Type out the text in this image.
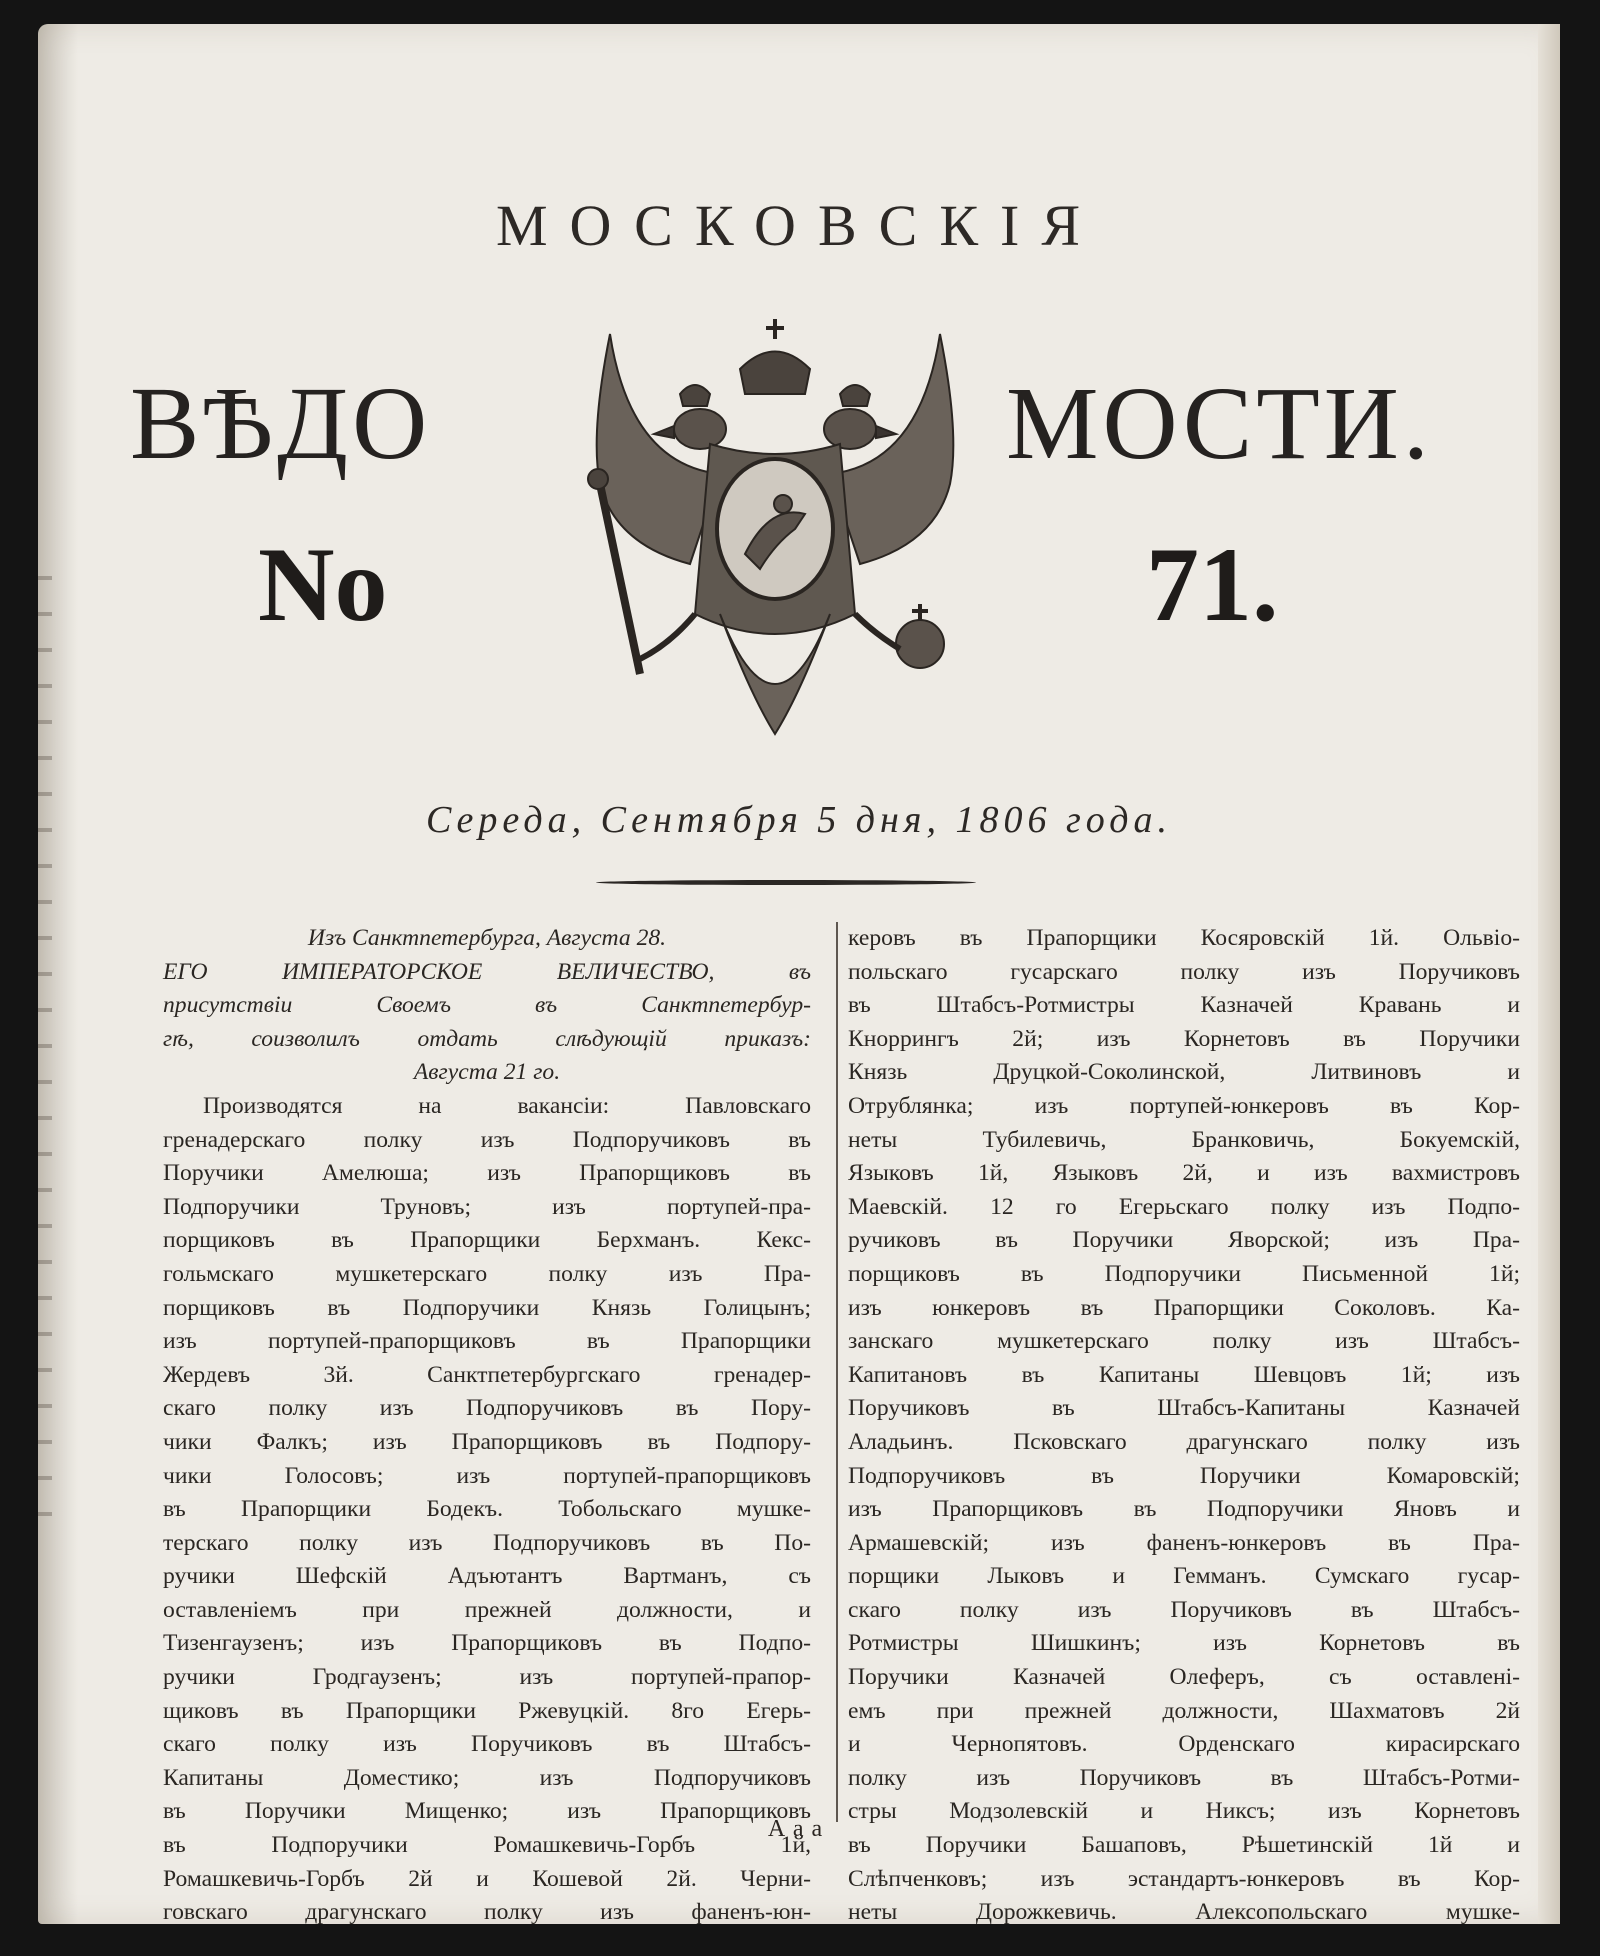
МОСКОВСКІЯ
ВѢДО	МОСТИ.
No	71.
Середа, Сентября 5 дня, 1806 года.
Изъ Санктпетербурга, Августа 28.
ЕГО ИМПЕРАТОРСКОЕ ВЕЛИЧЕСТВО, въ
присутствіи Своемъ въ Санктпетербур-
гѣ, соизволилъ отдать слѣдующій приказъ:
Августа 21 го.
Производятся на вакансіи: Павловскаго
гренадерскаго полку изъ Подпоручиковъ въ
Поручики Амелюша; изъ Прапорщиковъ въ
Подпоручики Труновъ; изъ портупей-пра-
порщиковъ въ Прапорщики Берхманъ. Кекс-
гольмскаго мушкетерскаго полку изъ Пра-
порщиковъ въ Подпоручики Князь Голицынъ;
изъ портупей-прапорщиковъ въ Прапорщики
Жердевъ 3й. Санктпетербургскаго гренадер-
скаго полку изъ Подпоручиковъ въ Пору-
чики Фалкъ; изъ Прапорщиковъ въ Подпору-
чики Голосовъ; изъ портупей-прапорщиковъ
въ Прапорщики Бодекъ. Тобольскаго мушке-
терскаго полку изъ Подпоручиковъ въ По-
ручики Шефскій Адъютантъ Вартманъ, съ
оставленіемъ при прежней должности, и
Тизенгаузенъ; изъ Прапорщиковъ въ Подпо-
ручики Гродгаузенъ; изъ портупей-прапор-
щиковъ въ Прапорщики Ржевуцкій. 8го Егерь-
скаго полку изъ Поручиковъ въ Штабсъ-
Капитаны Доместико; изъ Подпоручиковъ
въ Поручики Мищенко; изъ Прапорщиковъ
въ Подпоручики Ромашкевичь-Горбъ 1й,
Ромашкевичь-Горбъ 2й и Кошевой 2й. Черни-
говскаго драгунскаго полку изъ фаненъ-юн-
керовъ въ Прапорщики Косяровскій 1й. Ольвіо-
польскаго гусарскаго полку изъ Поручиковъ
въ Штабсъ-Ротмистры Казначей Кравань и
Кноррингъ 2й; изъ Корнетовъ въ Поручики
Князь Друцкой-Соколинской, Литвиновъ и
Отрублянка; изъ портупей-юнкеровъ въ Кор-
неты Тубилевичь, Бранковичь, Бокуемскій,
Языковъ 1й, Языковъ 2й, и изъ вахмистровъ
Маевскій. 12 го Егерьскаго полку изъ Подпо-
ручиковъ въ Поручики Яворской; изъ Пра-
порщиковъ въ Подпоручики Письменной 1й;
изъ юнкеровъ въ Прапорщики Соколовъ. Ка-
занскаго мушкетерскаго полку изъ Штабсъ-
Капитановъ въ Капитаны Шевцовъ 1й; изъ
Поручиковъ въ Штабсъ-Капитаны Казначей
Аладьинъ. Псковскаго драгунскаго полку изъ
Подпоручиковъ въ Поручики Комаровскій;
изъ Прапорщиковъ въ Подпоручики Яновъ и
Армашевскій; изъ фаненъ-юнкеровъ въ Пра-
порщики Лыковъ и Гемманъ. Сумскаго гусар-
скаго полку изъ Поручиковъ въ Штабсъ-
Ротмистры Шишкинъ; изъ Корнетовъ въ
Поручики Казначей Олеферъ, съ оставлені-
емъ при прежней должности, Шахматовъ 2й
и Чернопятовъ. Орденскаго кирасирскаго
полку изъ Поручиковъ въ Штабсъ-Ротми-
стры Модзолевскій и Никсъ; изъ Корнетовъ
въ Поручики Башаповъ, Рѣшетинскій 1й и
Слѣпченковъ; изъ эстандартъ-юнкеровъ въ Кор-
неты Дорожкевичь. Алексопольскаго мушке-
Ааа
